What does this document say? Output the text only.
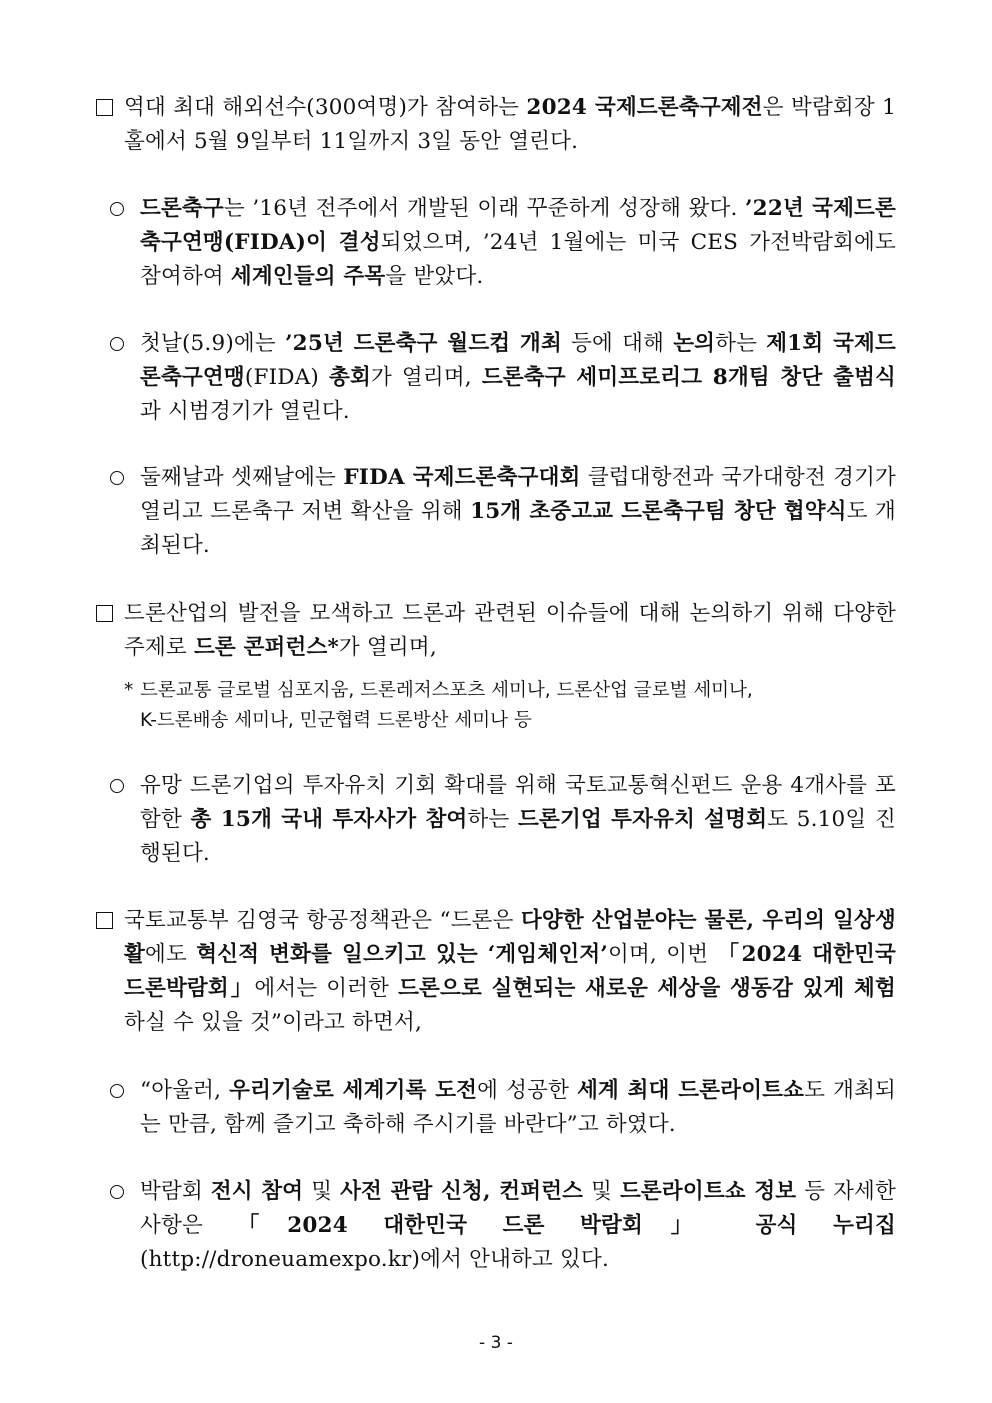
역대 최대 해외선수(300여명)가 참여하는 2024 국제드론축구제전은 박람회장 1홀에서 5월 9일부터 11일까지 3일 동안 열린다.
드론축구는 ’16년 전주에서 개발된 이래 꾸준하게 성장해 왔다. ’22년 국제드론축구연맹(FIDA)이 결성되었으며, ’24년 1월에는 미국 CES 가전박람회에도 참여하여 세계인들의 주목을 받았다.
첫날(5.9)에는 ’25년 드론축구 월드컵 개최 등에 대해 논의하는 제1회 국제드론축구연맹(FIDA) 총회가 열리며, 드론축구 세미프로리그 8개팀 창단 출범식과 시범경기가 열린다.
둘째날과 셋째날에는 FIDA 국제드론축구대회 클럽대항전과 국가대항전 경기가 열리고 드론축구 저변 확산을 위해 15개 초중고교 드론축구팀 창단 협약식도 개최된다.
드론산업의 발전을 모색하고 드론과 관련된 이슈들에 대해 논의하기 위해 다양한 주제로 드론 콘퍼런스*가 열리며,
* 드론교통 글로벌 심포지움, 드론레저스포츠 세미나, 드론산업 글로벌 세미나,
K-드론배송 세미나, 민군협력 드론방산 세미나 등
유망 드론기업의 투자유치 기회 확대를 위해 국토교통혁신펀드 운용 4개사를 포함한 총 15개 국내 투자사가 참여하는 드론기업 투자유치 설명회도 5.10일 진행된다.
국토교통부 김영국 항공정책관은 “드론은 다양한 산업분야는 물론, 우리의 일상생활에도 혁신적 변화를 일으키고 있는 ‘게임체인저’이며, 이번 「2024 대한민국 드론박람회」에서는 이러한 드론으로 실현되는 새로운 세상을 생동감 있게 체험하실 수 있을 것”이라고 하면서,
“아울러, 우리기술로 세계기록 도전에 성공한 세계 최대 드론라이트쇼도 개최되는 만큼, 함께 즐기고 축하해 주시기를 바란다”고 하였다.
박람회 전시 참여 및 사전 관람 신청, 컨퍼런스 및 드론라이트쇼 정보 등 자세한 사항은 「2024 대한민국 드론 박람회」 공식 누리집 (http://droneuamexpo.kr)에서 안내하고 있다.
- 3 -
